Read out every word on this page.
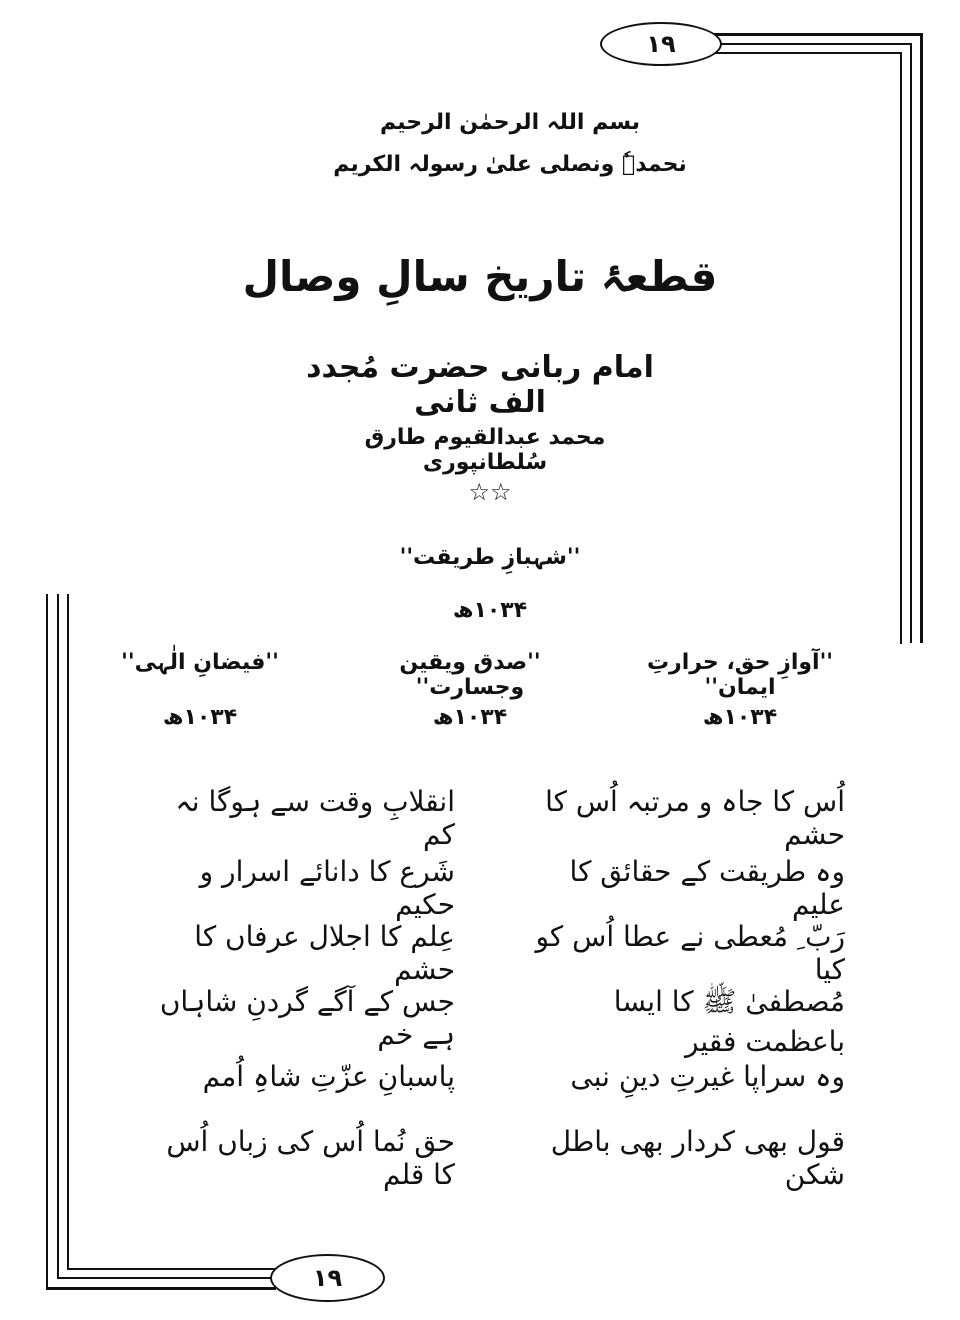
۱۹
۱۹
بسم اللہ الرحمٰن الرحیم
نحمدہٗ ونصلی علیٰ رسولہ الکریم
قطعۂ تاریخ سالِ وصال
امام ربانی حضرت مُجدد الف ثانی
محمد عبدالقیوم طارق سُلطانپوری
☆☆
''شہبازِ طریقت''
۱۰۳۴ھ
''آوازِ حق، حرارتِ ایمان''
۱۰۳۴ھ
''صدق ویقین وجسارت''
۱۰۳۴ھ
''فیضانِ الٰہی''
۱۰۳۴ھ
اُس کا جاہ و مرتبہ اُس کا حشم
انقلابِ وقت سے ہوگا نہ کم
وہ طریقت کے حقائق کا علیم
شَرع کا دانائے اسرار و حکیم
رَبّ ِ مُعطی نے عطا اُس کو کیا
عِلم کا اجلال عرفاں کا حشم
مُصطفیٰ ﷺ کا ایسا باعظمت فقیر
جس کے آگے گردنِ شاہاں ہے خم
وہ سراپا غیرتِ دینِ نبی
پاسبانِ عزّتِ شاہِ اُمم
قول بھی کردار بھی باطل شکن
حق نُما اُس کی زباں اُس کا قلم
